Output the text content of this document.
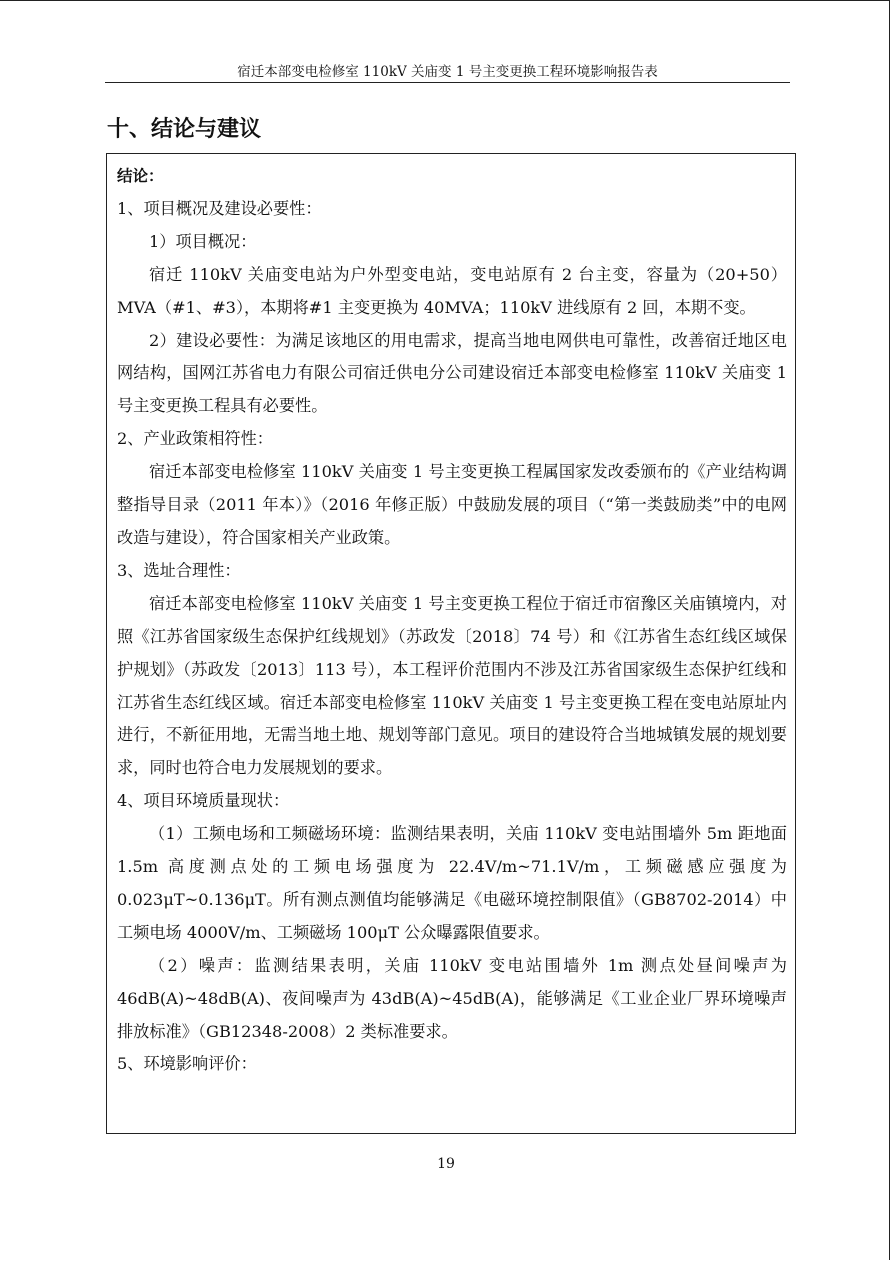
宿迁本部变电检修室 110kV 关庙变 1 号主变更换工程环境影响报告表
十、结论与建议

结论：

1、项目概况及建设必要性：

1）项目概况：

宿迁 110kV 关庙变电站为户外型变电站，变电站原有 2 台主变，容量为（20+50）MVA（#1、#3），本期将#1 主变更换为 40MVA；110kV 进线原有 2 回，本期不变。

2）建设必要性：为满足该地区的用电需求，提高当地电网供电可靠性，改善宿迁地区电网结构，国网江苏省电力有限公司宿迁供电分公司建设宿迁本部变电检修室 110kV 关庙变 1 号主变更换工程具有必要性。

2、产业政策相符性：

宿迁本部变电检修室 110kV 关庙变 1 号主变更换工程属国家发改委颁布的《产业结构调整指导目录（2011 年本）》（2016 年修正版）中鼓励发展的项目（“第一类鼓励类”中的电网改造与建设），符合国家相关产业政策。

3、选址合理性：

宿迁本部变电检修室 110kV 关庙变 1 号主变更换工程位于宿迁市宿豫区关庙镇境内，对照《江苏省国家级生态保护红线规划》（苏政发〔2018〕74 号）和《江苏省生态红线区域保护规划》（苏政发〔2013〕113 号），本工程评价范围内不涉及江苏省国家级生态保护红线和江苏省生态红线区域。宿迁本部变电检修室 110kV 关庙变 1 号主变更换工程在变电站原址内进行，不新征用地，无需当地土地、规划等部门意见。项目的建设符合当地城镇发展的规划要求，同时也符合电力发展规划的要求。

4、项目环境质量现状：

（1）工频电场和工频磁场环境：监测结果表明，关庙 110kV 变电站围墙外 5m 距地面 1.5m 高度测点处的工频电场强度为 22.4V/m~71.1V/m，工频磁感应强度为 0.023μT~0.136μT。所有测点测值均能够满足《电磁环境控制限值》（GB8702-2014）中工频电场 4000V/m、工频磁场 100μT 公众曝露限值要求。

（2）噪声：监测结果表明，关庙 110kV 变电站围墙外 1m 测点处昼间噪声为 46dB(A)~48dB(A)、夜间噪声为 43dB(A)~45dB(A)，能够满足《工业企业厂界环境噪声排放标准》（GB12348-2008）2 类标准要求。

5、环境影响评价：

19
